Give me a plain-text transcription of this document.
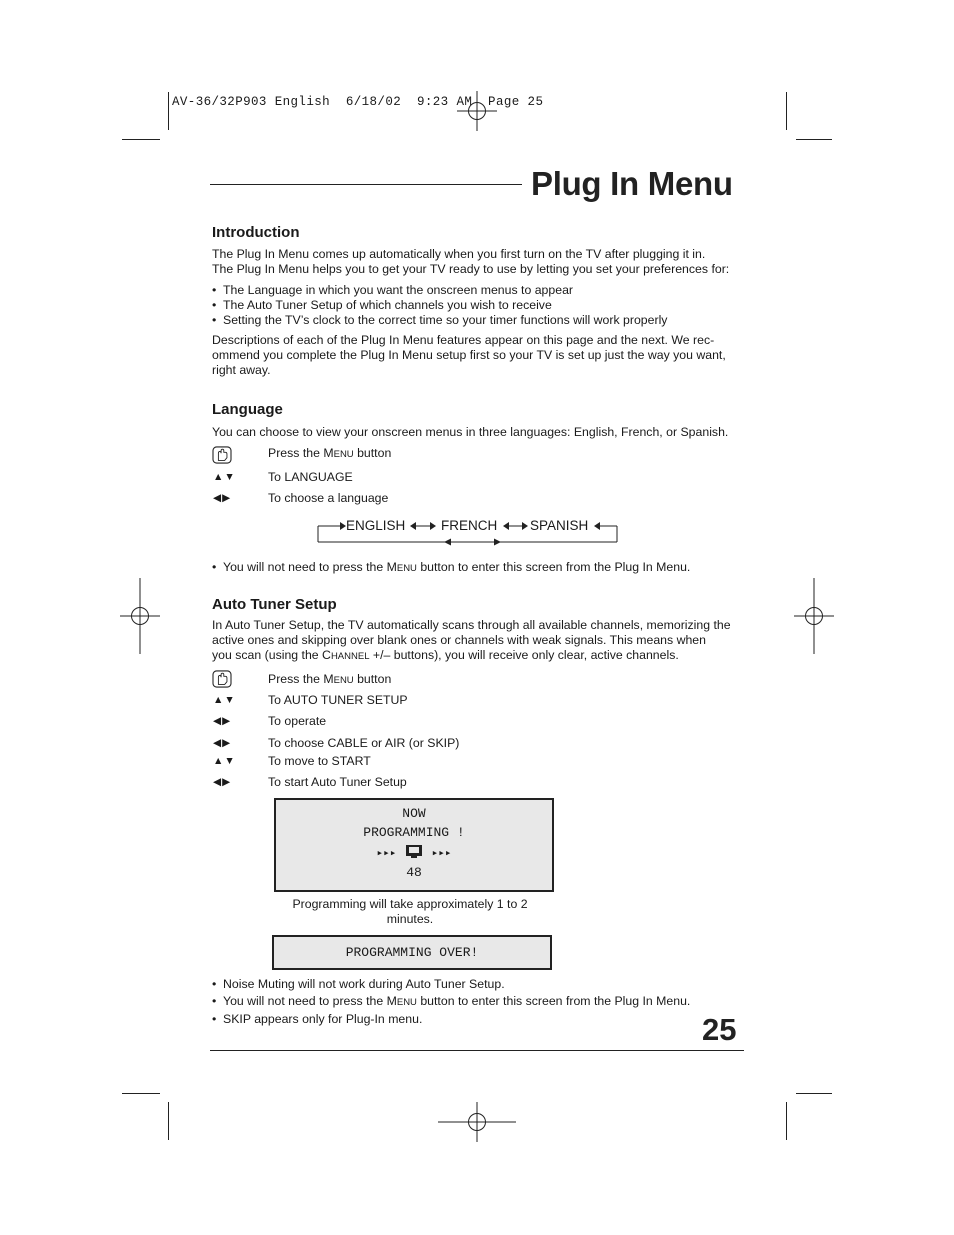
AV-36/32P903 English  6/18/02  9:23 AM  Page 25
Plug In Menu
Introduction
The Plug In Menu comes up automatically when you first turn on the TV after plugging it in.
The Plug In Menu helps you to get your TV ready to use by letting you set your preferences for:
• The Language in which you want the onscreen menus to appear
• The Auto Tuner Setup of which channels you wish to receive
• Setting the TV’s clock to the correct time so your timer functions will work properly
Descriptions of each of the Plug In Menu features appear on this page and the next. We rec-
ommend you complete the Plug In Menu setup first so your TV is set up just the way you want,
right away.
Language
You can choose to view your onscreen menus in three languages: English, French, or Spanish.
Press the MENU button
▲▼	To LANGUAGE
◀▶	To choose a language
ENGLISH	FRENCH SPANISH
• You will not need to press the MENU button to enter this screen from the Plug In Menu.
Auto Tuner Setup
In Auto Tuner Setup, the TV automatically scans through all available channels, memorizing the
active ones and skipping over blank ones or channels with weak signals. This means when
you scan (using the CHANNEL +/– buttons), you will receive only clear, active channels.
Press the MENU button
▲▼	To AUTO TUNER SETUP
◀▶	To operate
◀▶	To choose CABLE or AIR (or SKIP)
▲▼	To move to START
◀▶	To start Auto Tuner Setup
NOW
PROGRAMMING !
▸▸▸	▸▸▸
48
Programming will take approximately 1 to 2
minutes.
PROGRAMMING OVER!
• Noise Muting will not work during Auto Tuner Setup.
• You will not need to press the MENU button to enter this screen from the Plug In Menu.
• SKIP appears only for Plug-In menu.	25
